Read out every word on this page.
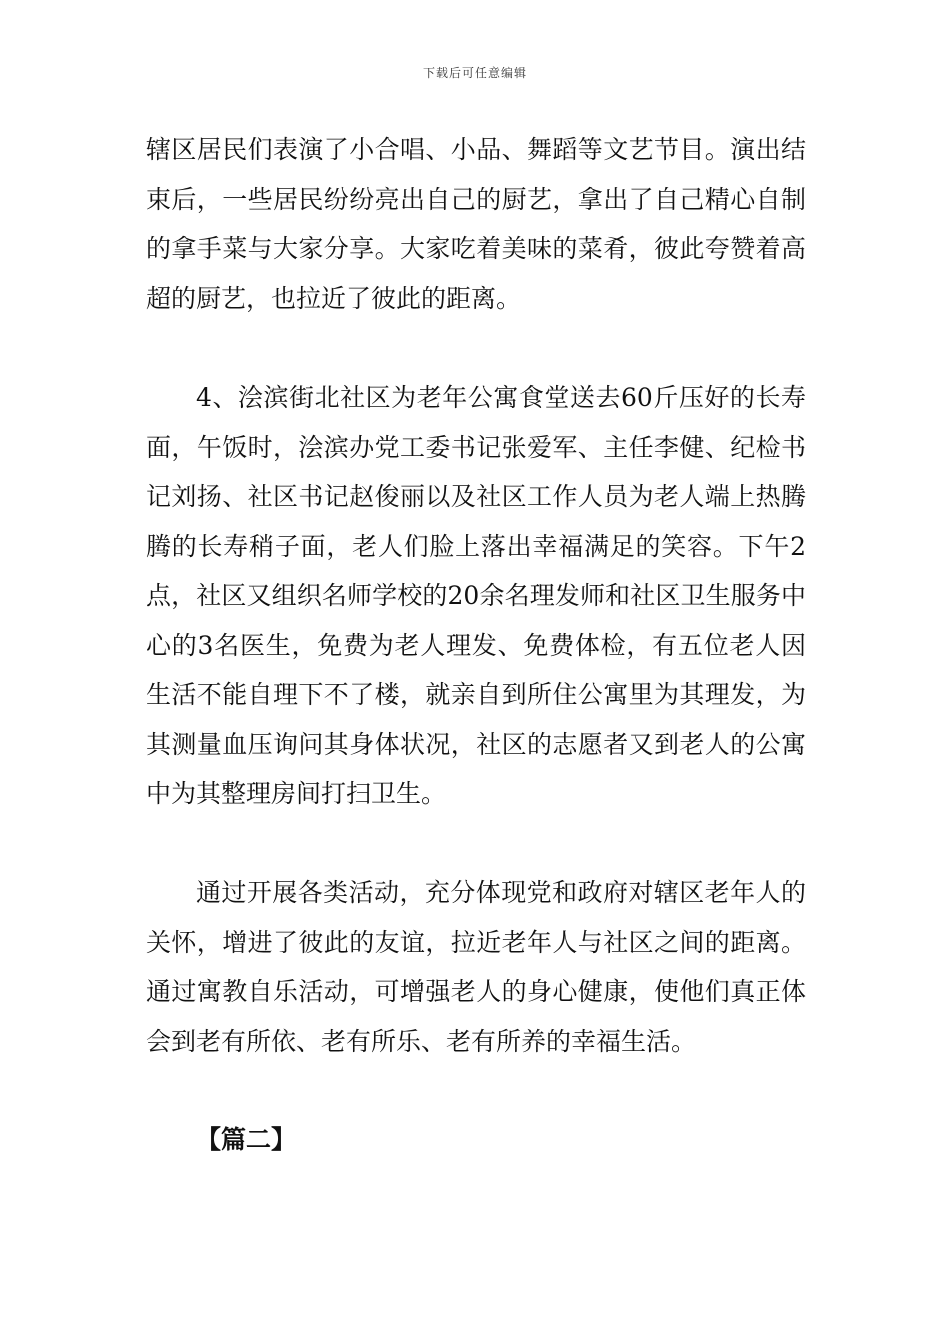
下载后可任意编辑

辖区居民们表演了小合唱、小品、舞蹈等文艺节目。演出结束后，一些居民纷纷亮出自己的厨艺，拿出了自己精心自制的拿手菜与大家分享。大家吃着美味的菜肴，彼此夸赞着高超的厨艺，也拉近了彼此的距离。

4、浍滨街北社区为老年公寓食堂送去60斤压好的长寿面，午饭时，浍滨办党工委书记张爱军、主任李健、纪检书记刘扬、社区书记赵俊丽以及社区工作人员为老人端上热腾腾的长寿稍子面，老人们脸上落出幸福满足的笑容。下午2点，社区又组织名师学校的20余名理发师和社区卫生服务中心的3名医生，免费为老人理发、免费体检，有五位老人因生活不能自理下不了楼，就亲自到所住公寓里为其理发，为其测量血压询问其身体状况，社区的志愿者又到老人的公寓中为其整理房间打扫卫生。

通过开展各类活动，充分体现党和政府对辖区老年人的关怀，增进了彼此的友谊，拉近老年人与社区之间的距离。通过寓教自乐活动，可增强老人的身心健康，使他们真正体会到老有所依、老有所乐、老有所养的幸福生活。

【篇二】
